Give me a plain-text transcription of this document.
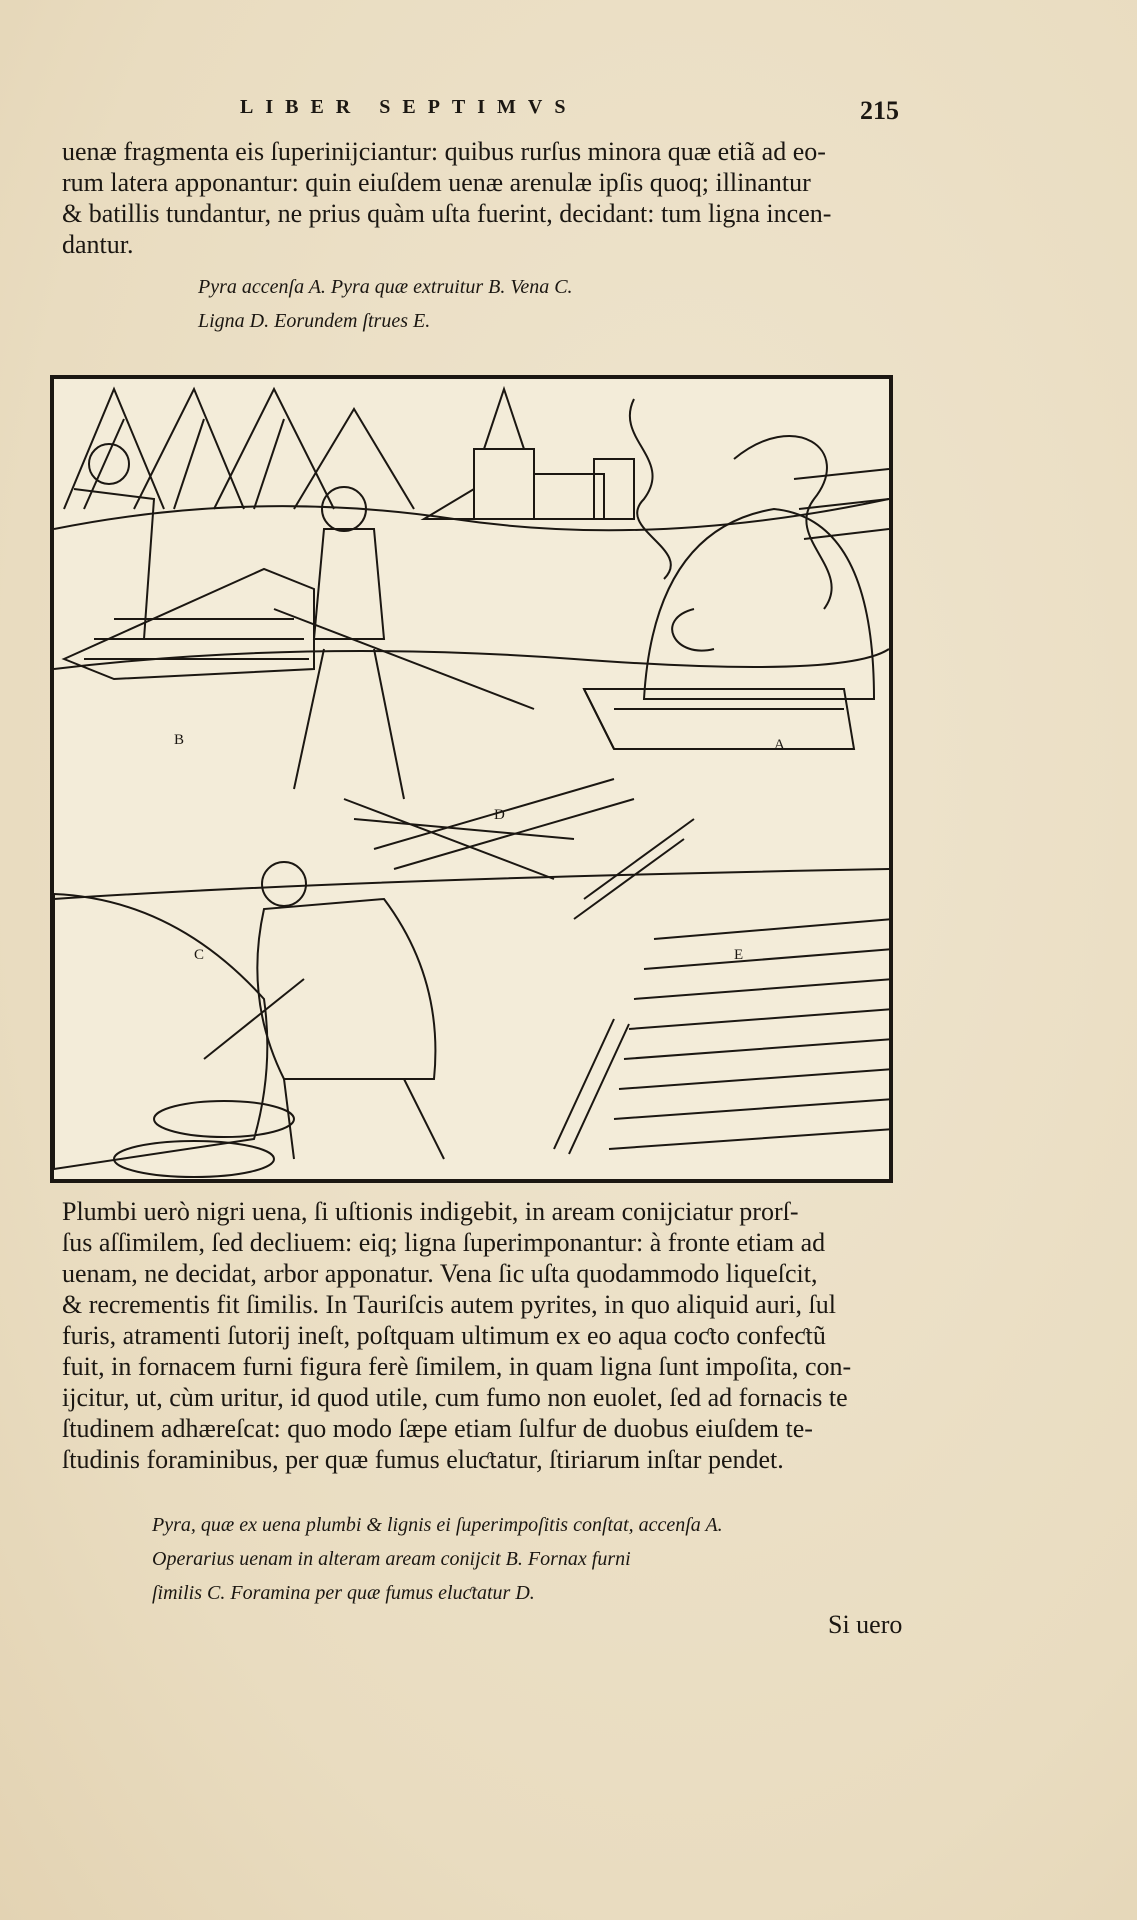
LIBER SEPTIMVS	215

uenæ fragmenta eis ſuperinijciantur: quibus rurſus minora quæ etiã ad eo-
rum latera apponantur: quin eiuſdem uenæ arenulæ ipſis quoq; illinantur
& batillis tundantur, ne prius quàm uſta fuerint, decidant: tum ligna incen-
dantur.

Pyra accenſa A. Pyra quæ extruitur B. Vena C.
Ligna D. Eorundem ſtrues E.
A
B
C
D
E

Plumbi uerò nigri uena, ſi uſtionis indigebit, in aream conijciatur prorſ-
ſus aſſimilem, ſed decliuem: eiq; ligna ſuperimponantur: à fronte etiam ad
uenam, ne decidat, arbor apponatur. Vena ſic uſta quodammodo liqueſcit,
& recrementis fit ſimilis. In Tauriſcis autem pyrites, in quo aliquid auri, ſul
furis, atramenti ſutorij ineſt, poſtquam ultimum ex eo aqua coƈto confeƈtũ
fuit, in fornacem furni figura ferè ſimilem, in quam ligna ſunt impoſita, con-
ijcitur, ut, cùm uritur, id quod utile, cum fumo non euolet, ſed ad fornacis te
ſtudinem adhæreſcat: quo modo ſæpe etiam ſulfur de duobus eiuſdem te-
ſtudinis foraminibus, per quæ fumus eluƈtatur, ſtiriarum inſtar pendet.

Pyra, quæ ex uena plumbi & lignis ei ſuperimpoſitis conſtat, accenſa A.
Operarius uenam in alteram aream conijcit B. Fornax furni
ſimilis C. Foramina per quæ fumus eluƈtatur D.
Si uero
